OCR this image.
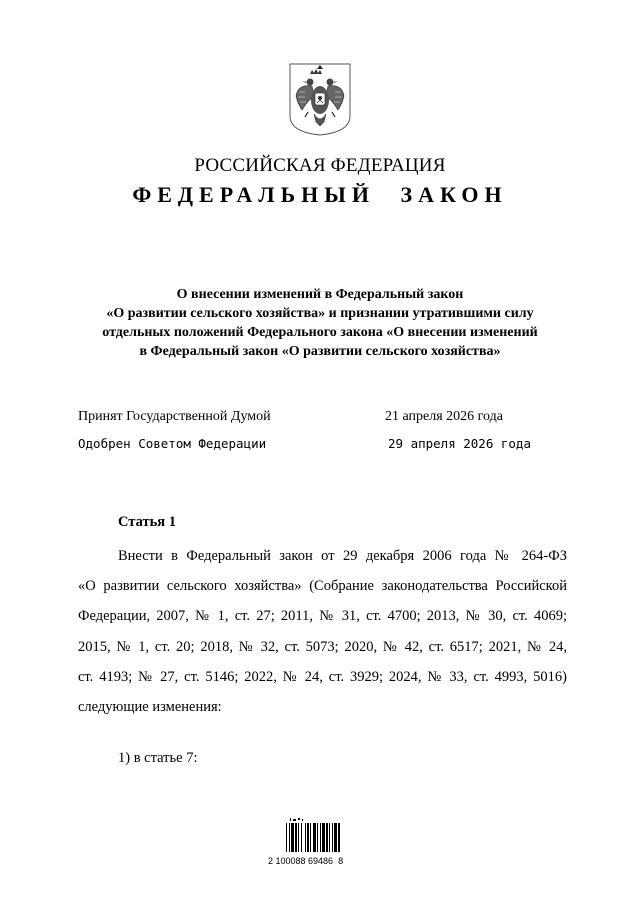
РОССИЙСКАЯ ФЕДЕРАЦИЯ
ФЕДЕРАЛЬНЫЙ ЗАКОН
О внесении изменений в Федеральный закон
«О развитии сельского хозяйства» и признании утратившими силу
отдельных положений Федерального закона «О внесении изменений
в Федеральный закон «О развитии сельского хозяйства»
Принят Государственной Думой	21 апреля 2026 года
Одобрен Советом Федерации	29 апреля 2026 года
Статья 1
Внести в Федеральный закон от 29 декабря 2006 года № 264-ФЗ
«О развитии сельского хозяйства» (Собрание законодательства Российской
Федерации, 2007, № 1, ст. 27; 2011, № 31, ст. 4700; 2013, № 30, ст. 4069;
2015, № 1, ст. 20; 2018, № 32, ст. 5073; 2020, № 42, ст. 6517; 2021, № 24,
ст. 4193; № 27, ст. 5146; 2022, № 24, ст. 3929; 2024, № 33, ст. 4993, 5016)
следующие изменения:
1) в статье 7:
2 100088 69486  8
